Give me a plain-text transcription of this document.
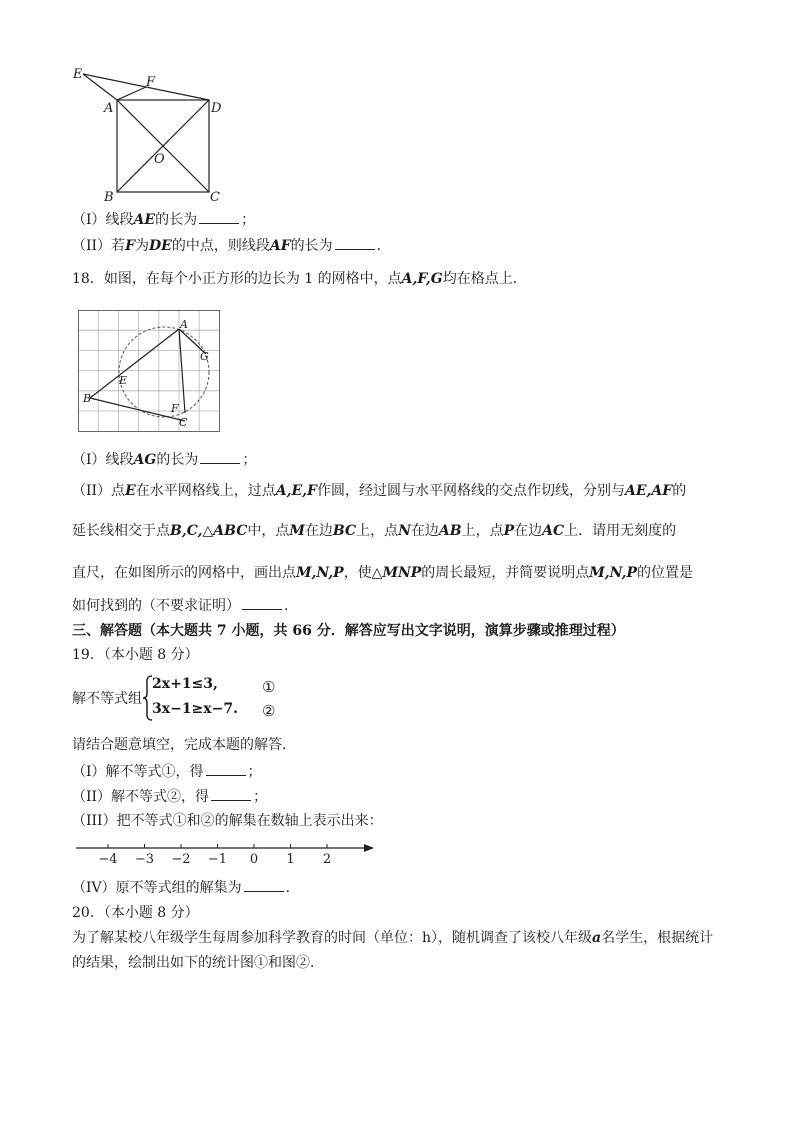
E
F
A	D
O
B	C
（I）线段AE的长为	；
（II）若F为DE的中点，则线段AF的长为	．
18．如图，在每个小正方形的边长为 1 的网格中，点A,F,G均在格点上．
A
G
E
B
F
C
（I）线段AG的长为	；
（II）点E在水平网格线上，过点A,E,F作圆，经过圆与水平网格线的交点作切线，分别与AE,AF的
延长线相交于点B,C,△ABC中，点M在边BC上，点N在边AB上，点P在边AC上．请用无刻度的
直尺，在如图所示的网格中，画出点M,N,P，使△MNP的周长最短，并简要说明点M,N,P的位置是
如何找到的（不要求证明）	．
三、解答题（本大题共 7 小题，共 66 分．解答应写出文字说明，演算步骤或推理过程）
19．（本小题 8 分）
解不等式组
2x+1≤3,
3x−1≥x−7.
①
②
请结合题意填空，完成本题的解答．
（I）解不等式①，得	；
（II）解不等式②，得	；
（III）把不等式①和②的解集在数轴上表示出来：
−4 −3 −2 −1 0 1 2
（IV）原不等式组的解集为	．
20．（本小题 8 分）
为了解某校八年级学生每周参加科学教育的时间（单位：h），随机调查了该校八年级a名学生，根据统计
的结果，绘制出如下的统计图①和图②．
